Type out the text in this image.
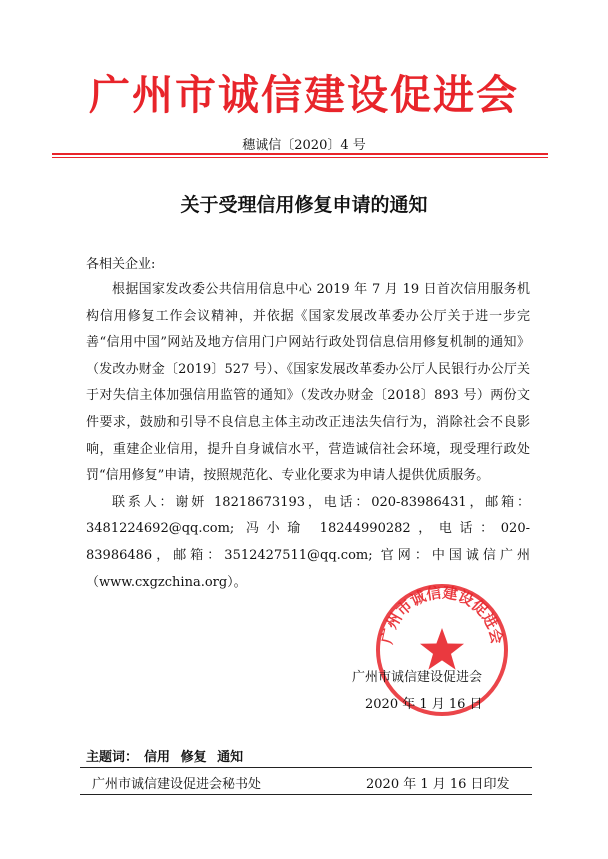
广州市诚信建设促进会
穗诚信〔2020〕4 号
关于受理信用修复申请的通知
各相关企业:

根据国家发改委公共信用信息中心 2019 年 7 月 19 日首次信用服务机构信用修复工作会议精神，并依据《国家发展改革委办公厅关于进一步完善“信用中国”网站及地方信用门户网站行政处罚信息信用修复机制的通知》（发改办财金〔2019〕527 号）、《国家发展改革委办公厅人民银行办公厅关于对失信主体加强信用监管的通知》（发改办财金〔2018〕893 号）两份文件要求，鼓励和引导不良信息主体主动改正违法失信行为，消除社会不良影响，重建企业信用，提升自身诚信水平，营造诚信社会环境，现受理行政处罚“信用修复”申请，按照规范化、专业化要求为申请人提供优质服务。

联系人：谢妍 18218673193，电话：020-83986431，邮箱：3481224692@qq.com; 冯小瑜 18244990282，电话：020-83986486，邮箱：3512427511@qq.com; 官网：中国诚信广州（www.cxgzchina.org）。

广州市诚信建设促进会
广州市诚信建设促进会
2020 年 1 月 16 日
主题词： 信用 修复 通知
广州市诚信建设促进会秘书处	2020 年 1 月 16 日印发
